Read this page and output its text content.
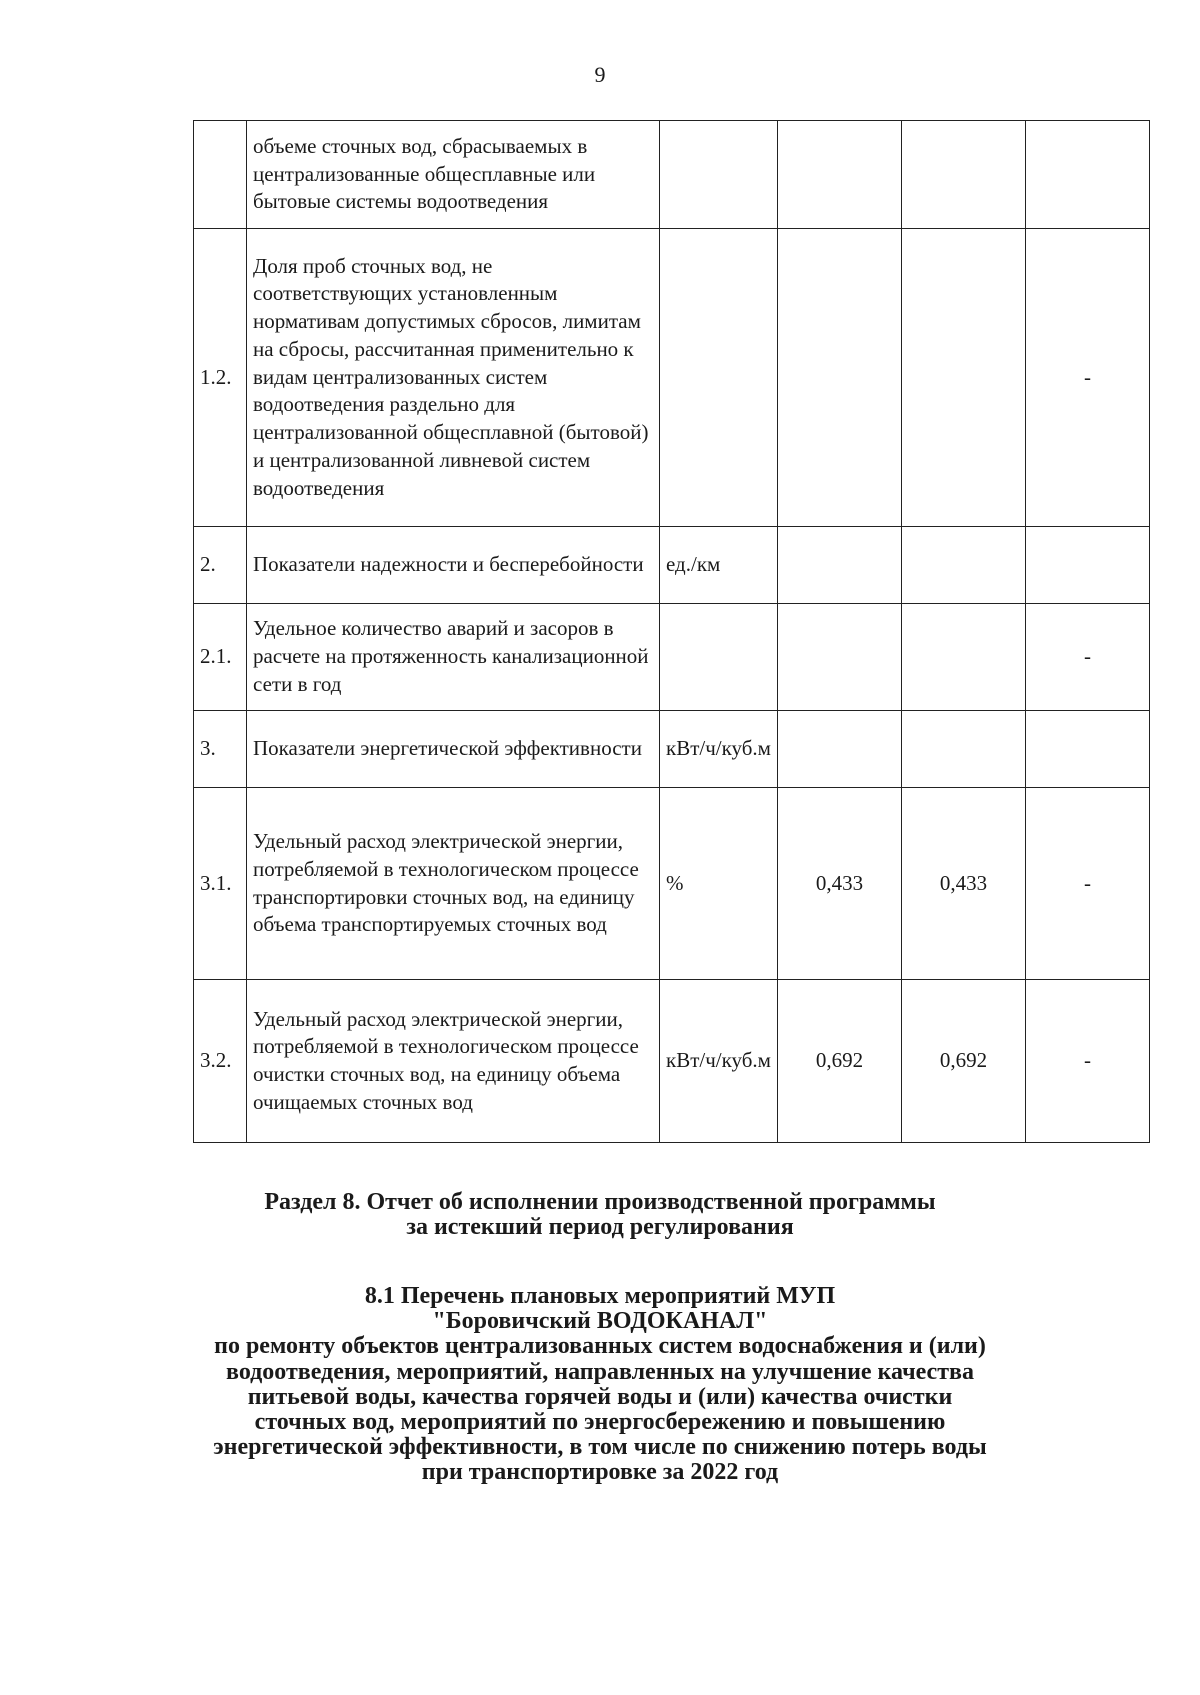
9
	объеме сточных вод, сбрасываемых в централизованные общесплавные или бытовые системы водоотведения				
1.2.	Доля проб сточных вод, не соответствующих установленным нормативам допустимых сбросов, лимитам на сбросы, рассчитанная применительно к видам централизованных систем водоотведения раздельно для централизованной общесплавной (бытовой) и централизованной ливневой систем водоотведения				-
2.	Показатели надежности и бесперебойности	ед./км			
2.1.	Удельное количество аварий и засоров в расчете на протяженность канализационной сети в год				-
3.	Показатели энергетической эффективности	кВт/ч/куб.м			
3.1.	Удельный расход электрической энергии, потребляемой в технологическом процессе транспортировки сточных вод, на единицу объема транспортируемых сточных вод	%	0,433	0,433	-
3.2.	Удельный расход электрической энергии, потребляемой в технологическом процессе очистки сточных вод, на единицу объема очищаемых сточных вод	кВт/ч/куб.м	0,692	0,692	-
Раздел 8. Отчет об исполнении производственной программы
за истекший период регулирования
8.1 Перечень плановых мероприятий МУП
"Боровичский ВОДОКАНАЛ"
по ремонту объектов централизованных систем водоснабжения и (или)
водоотведения, мероприятий, направленных на улучшение качества
питьевой воды, качества горячей воды и (или) качества очистки
сточных вод, мероприятий по энергосбережению и повышению
энергетической эффективности, в том числе по снижению потерь воды
при транспортировке за 2022 год
